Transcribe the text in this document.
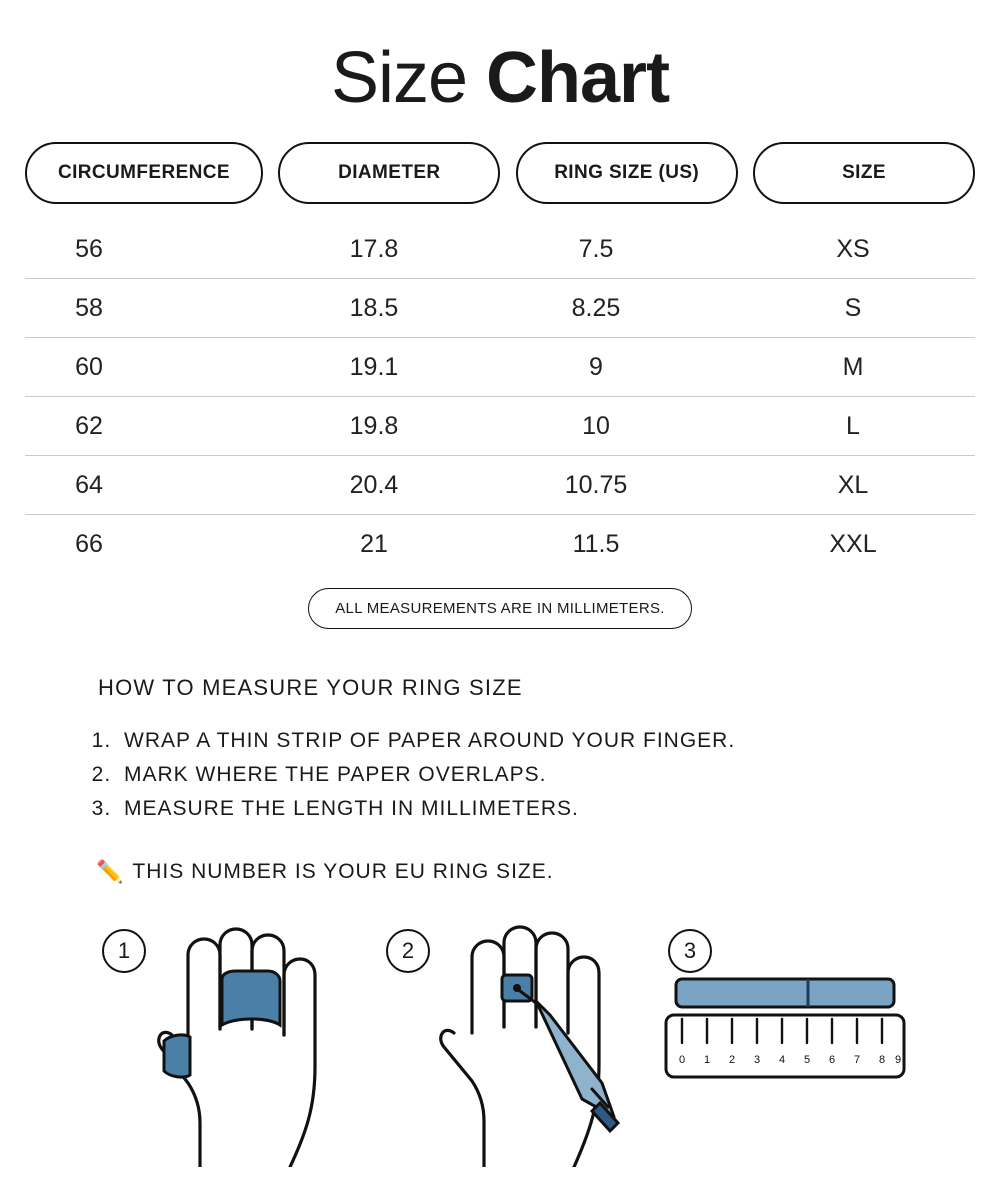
Size Chart
CIRCUMFERENCE	DIAMETER	RING SIZE (US)	SIZE
56	17.8	7.5	XS
58	18.5	8.25	S
60	19.1	9	M
62	19.8	10	L
64	20.4	10.75	XL
66	21	11.5	XXL
ALL MEASUREMENTS ARE IN MILLIMETERS.
HOW TO MEASURE YOUR RING SIZE
1. WRAP A THIN STRIP OF PAPER AROUND YOUR FINGER.
2. MARK WHERE THE PAPER OVERLAPS.
3. MEASURE THE LENGTH IN MILLIMETERS.
✏️ THIS NUMBER IS YOUR EU RING SIZE.
1	2	3
0 1 2 3 4 5 6 7 8 9
